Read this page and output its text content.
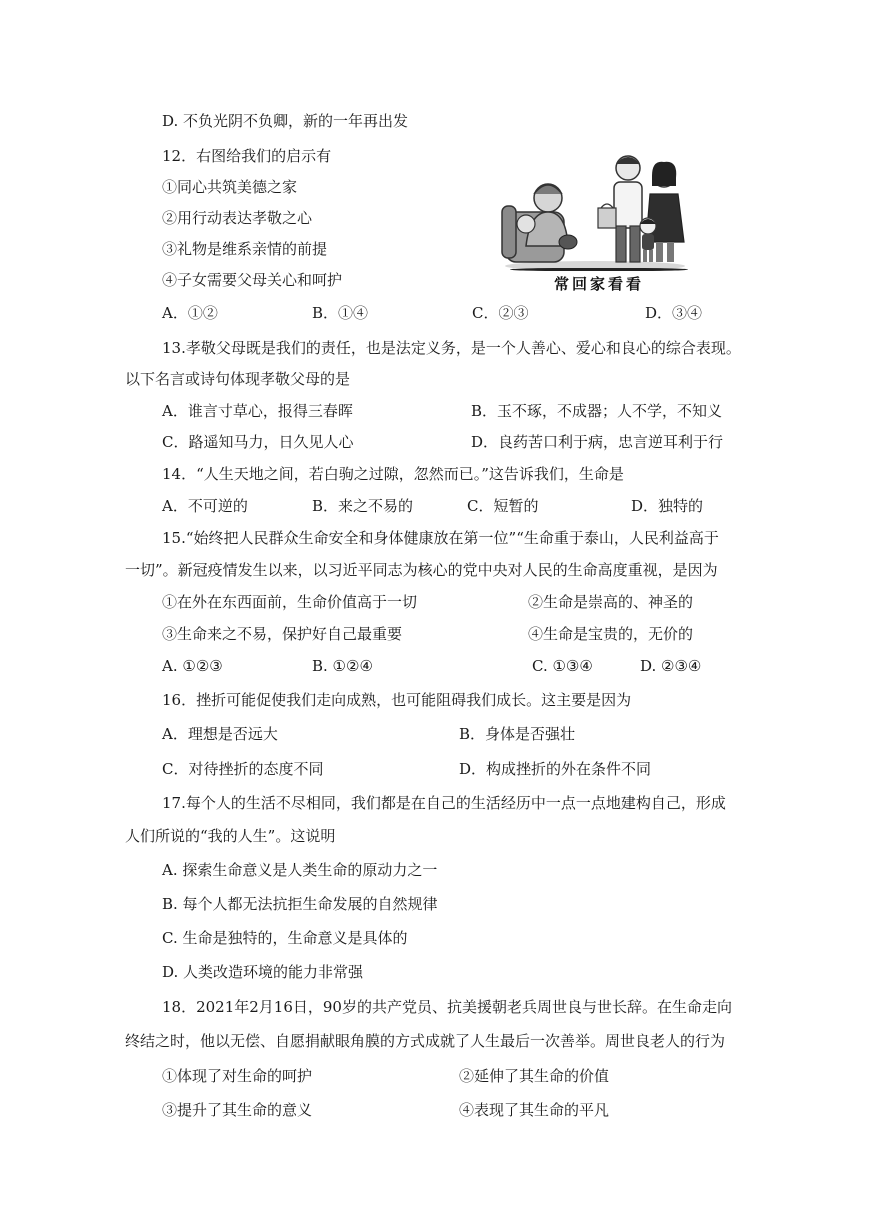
D. 不负光阴不负卿，新的一年再出发
12．右图给我们的启示有
①同心共筑美德之家
②用行动表达孝敬之心
③礼物是维系亲情的前提
④子女需要父母关心和呵护
A．①②	B．①④	C．②③	D．③④
常回家看看
13.孝敬父母既是我们的责任，也是法定义务，是一个人善心、爱心和良心的综合表现。
以下名言或诗句体现孝敬父母的是
A．谁言寸草心，报得三春晖	B．玉不琢，不成器；人不学，不知义
C．路遥知马力，日久见人心	D．良药苦口利于病，忠言逆耳利于行
14．“人生天地之间，若白驹之过隙，忽然而已。”这告诉我们，生命是
A．不可逆的	B．来之不易的	C．短暂的	D．独特的
15.“始终把人民群众生命安全和身体健康放在第一位”“生命重于泰山，人民利益高于
一切”。新冠疫情发生以来，以习近平同志为核心的党中央对人民的生命高度重视，是因为
①在外在东西面前，生命价值高于一切	②生命是崇高的、神圣的
③生命来之不易，保护好自己最重要	④生命是宝贵的，无价的
A. ①②③	B. ①②④	C. ①③④	D. ②③④
16．挫折可能促使我们走向成熟，也可能阻碍我们成长。这主要是因为
A．理想是否远大	B．身体是否强壮
C．对待挫折的态度不同	D．构成挫折的外在条件不同
17.每个人的生活不尽相同，我们都是在自己的生活经历中一点一点地建构自己，形成
人们所说的“我的人生”。这说明
A. 探索生命意义是人类生命的原动力之一
B. 每个人都无法抗拒生命发展的自然规律
C. 生命是独特的，生命意义是具体的
D. 人类改造环境的能力非常强
18．2021年2月16日，90岁的共产党员、抗美援朝老兵周世良与世长辞。在生命走向
终结之时，他以无偿、自愿捐献眼角膜的方式成就了人生最后一次善举。周世良老人的行为
①体现了对生命的呵护	②延伸了其生命的价值
③提升了其生命的意义	④表现了其生命的平凡
